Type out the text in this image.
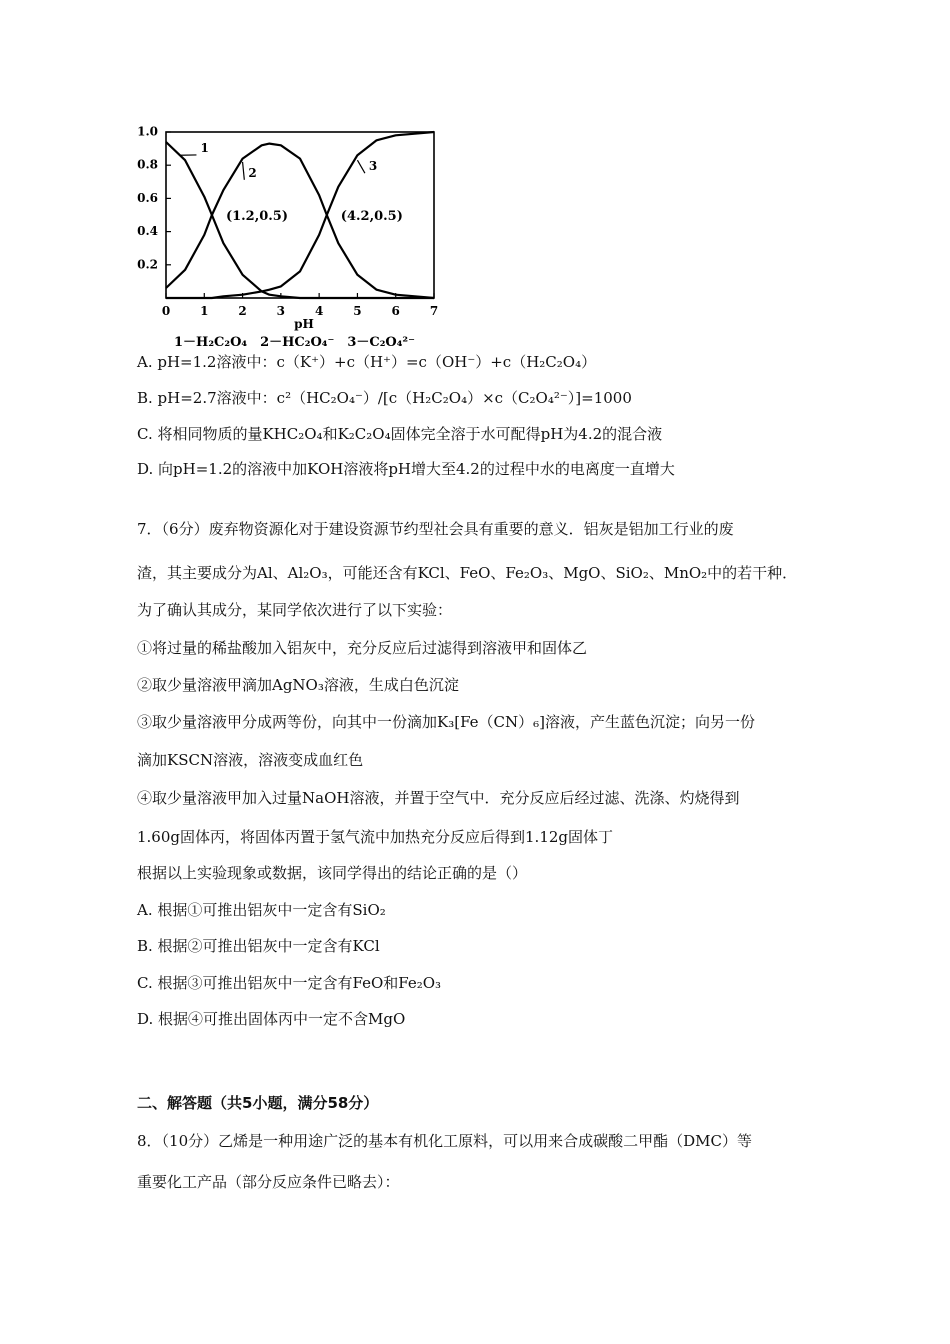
0 1 2 3 4 5 6 7
0.2
0.4
0.6
0.8
1.0
pH
1
2	3
(1.2,0.5)	(4.2,0.5)
1－H₂C₂O₄　2－HC₂O₄⁻　3－C₂O₄²⁻
A. pH=1.2溶液中：c（K⁺）+c（H⁺）=c（OH⁻）+c（H₂C₂O₄）
B. pH=2.7溶液中：c²（HC₂O₄⁻）/[c（H₂C₂O₄）×c（C₂O₄²⁻）]=1000
C. 将相同物质的量KHC₂O₄和K₂C₂O₄固体完全溶于水可配得pH为4.2的混合液
D. 向pH=1.2的溶液中加KOH溶液将pH增大至4.2的过程中水的电离度一直增大
7．（6分）废弃物资源化对于建设资源节约型社会具有重要的意义．铝灰是铝加工行业的废
渣，其主要成分为Al、Al₂O₃，可能还含有KCl、FeO、Fe₂O₃、MgO、SiO₂、MnO₂中的若干种．
为了确认其成分，某同学依次进行了以下实验：
①将过量的稀盐酸加入铝灰中，充分反应后过滤得到溶液甲和固体乙
②取少量溶液甲滴加AgNO₃溶液，生成白色沉淀
③取少量溶液甲分成两等份，向其中一份滴加K₃[Fe（CN）₆]溶液，产生蓝色沉淀；向另一份
滴加KSCN溶液，溶液变成血红色
④取少量溶液甲加入过量NaOH溶液，并置于空气中．充分反应后经过滤、洗涤、灼烧得到
1.60g固体丙，将固体丙置于氢气流中加热充分反应后得到1.12g固体丁
根据以上实验现象或数据，该同学得出的结论正确的是（）
A. 根据①可推出铝灰中一定含有SiO₂
B. 根据②可推出铝灰中一定含有KCl
C. 根据③可推出铝灰中一定含有FeO和Fe₂O₃
D. 根据④可推出固体丙中一定不含MgO
二、解答题（共5小题，满分58分）
8．（10分）乙烯是一种用途广泛的基本有机化工原料，可以用来合成碳酸二甲酯（DMC）等
重要化工产品（部分反应条件已略去）：
